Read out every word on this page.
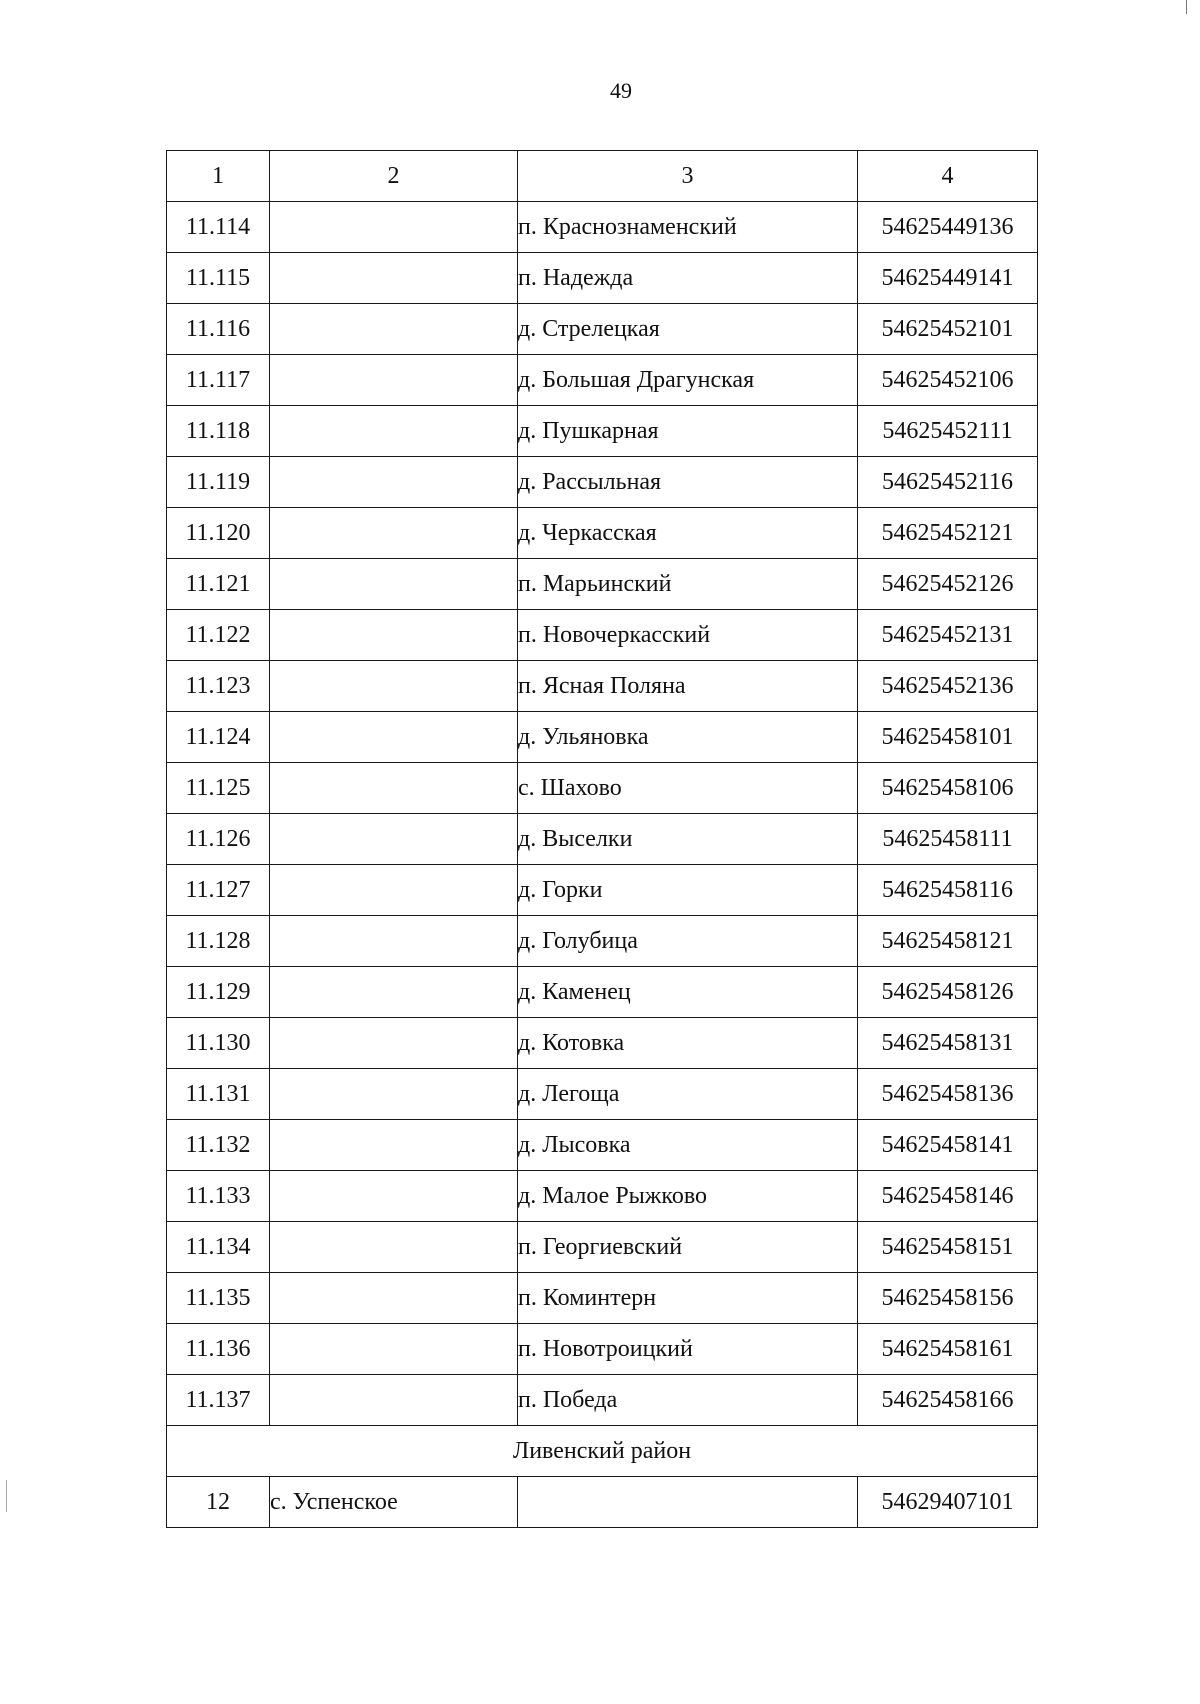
49
1	2	3	4
11.114		п. Краснознаменский	54625449136
11.115		п. Надежда	54625449141
11.116		д. Стрелецкая	54625452101
11.117		д. Большая Драгунская	54625452106
11.118		д. Пушкарная	54625452111
11.119		д. Рассыльная	54625452116
11.120		д. Черкасская	54625452121
11.121		п. Марьинский	54625452126
11.122		п. Новочеркасский	54625452131
11.123		п. Ясная Поляна	54625452136
11.124		д. Ульяновка	54625458101
11.125		с. Шахово	54625458106
11.126		д. Выселки	54625458111
11.127		д. Горки	54625458116
11.128		д. Голубица	54625458121
11.129		д. Каменец	54625458126
11.130		д. Котовка	54625458131
11.131		д. Легоща	54625458136
11.132		д. Лысовка	54625458141
11.133		д. Малое Рыжково	54625458146
11.134		п. Георгиевский	54625458151
11.135		п. Коминтерн	54625458156
11.136		п. Новотроицкий	54625458161
11.137		п. Победа	54625458166
Ливенский район			
12	с. Успенское		54629407101
